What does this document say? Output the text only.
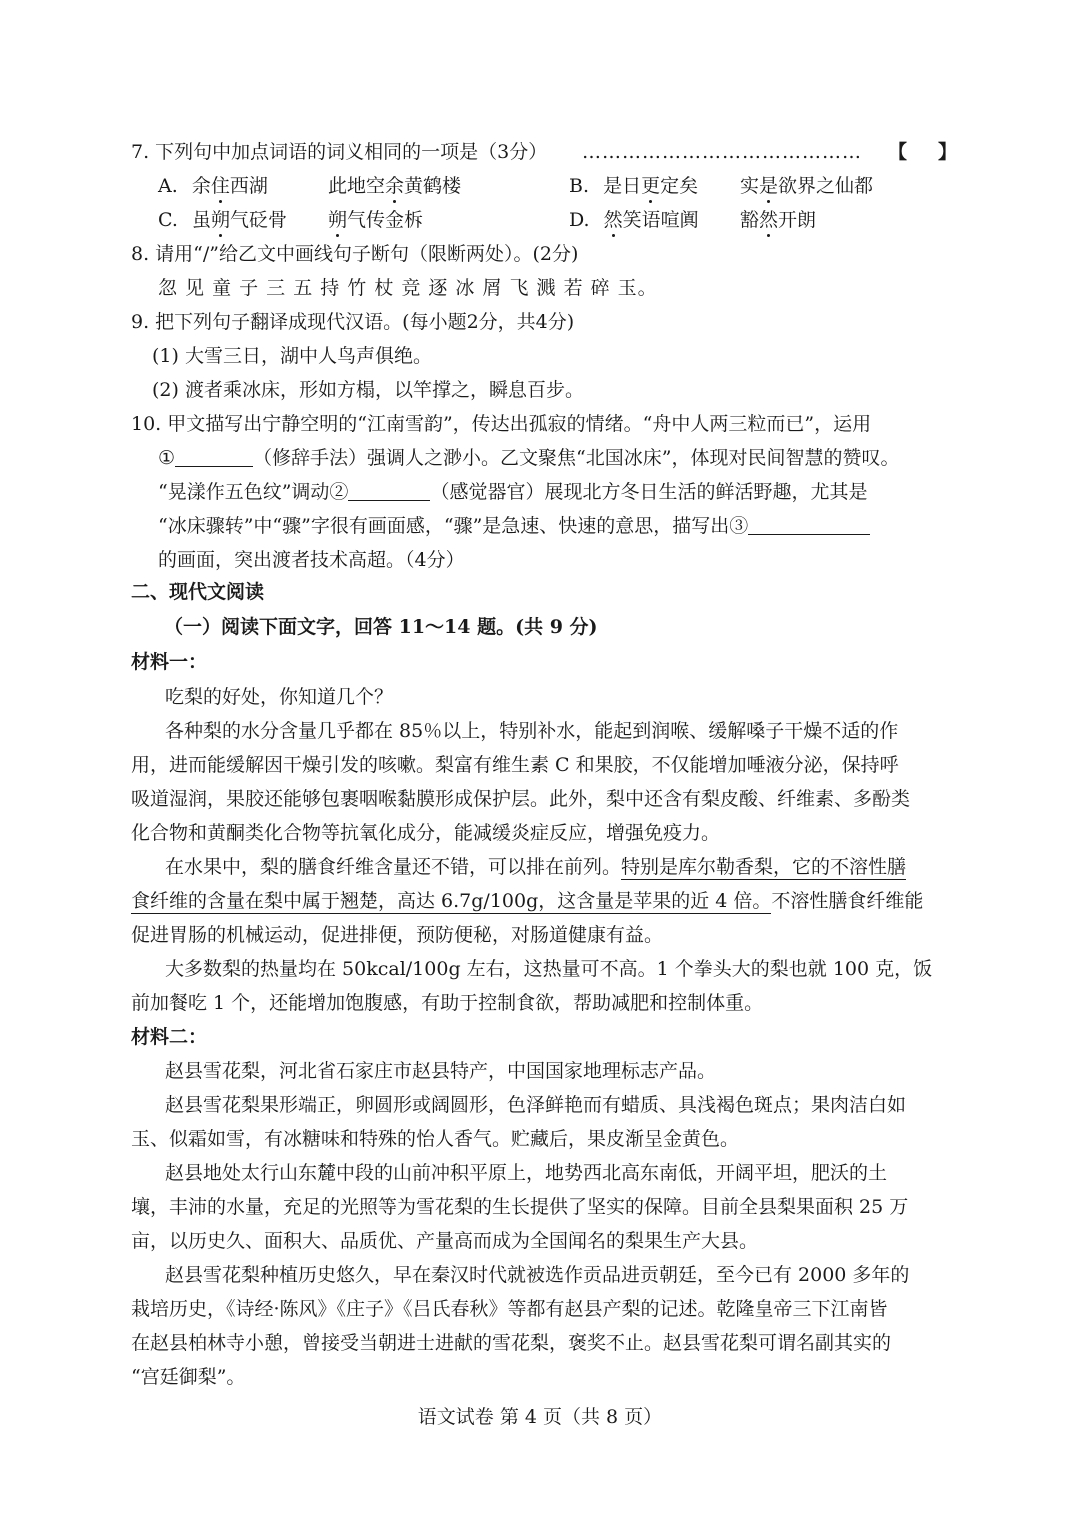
7. 下列句中加点词语的词义相同的一项是（3分） …………………………………… 【 】
A. 余住西湖	此地空余黄鹤楼	B. 是日更定矣 实是欲界之仙都
C. 虽朔气砭骨 朔气传金柝	D. 然笑语喧阗 豁然开朗
8. 请用“/”给乙文中画线句子断句（限断两处）。(2分)
忽 见 童 子 三 五 持 竹 杖 竞 逐 冰 屑 飞 溅 若 碎 玉。
9. 把下列句子翻译成现代汉语。(每小题2分，共4分)
(1) 大雪三日，湖中人鸟声俱绝。
(2) 渡者乘冰床，形如方榻，以竿撑之，瞬息百步。
10. 甲文描写出宁静空明的“江南雪韵”，传达出孤寂的情绪。“舟中人两三粒而已”，运用
①	（修辞手法）强调人之渺小。乙文聚焦“北国冰床”，体现对民间智慧的赞叹。
“晃漾作五色纹”调动②	（感觉器官）展现北方冬日生活的鲜活野趣，尤其是
“冰床骤转”中“骤”字很有画面感，“骤”是急速、快速的意思，描写出③
的画面，突出渡者技术高超。（4分）
二、现代文阅读
（一）阅读下面文字，回答 11～14 题。(共 9 分)
材料一：
吃梨的好处，你知道几个？
各种梨的水分含量几乎都在 85％以上，特别补水，能起到润喉、缓解嗓子干燥不适的作
用，进而能缓解因干燥引发的咳嗽。梨富有维生素 C 和果胶，不仅能增加唾液分泌，保持呼
吸道湿润，果胶还能够包裹咽喉黏膜形成保护层。此外，梨中还含有梨皮酸、纤维素、多酚类
化合物和黄酮类化合物等抗氧化成分，能减缓炎症反应，增强免疫力。
在水果中，梨的膳食纤维含量还不错，可以排在前列。特别是库尔勒香梨，它的不溶性膳
食纤维的含量在梨中属于翘楚，高达 6.7g/100g，这含量是苹果的近 4 倍。不溶性膳食纤维能
促进胃肠的机械运动，促进排便，预防便秘，对肠道健康有益。
大多数梨的热量均在 50kcal/100g 左右，这热量可不高。1 个拳头大的梨也就 100 克，饭
前加餐吃 1 个，还能增加饱腹感，有助于控制食欲，帮助减肥和控制体重。
材料二：
赵县雪花梨，河北省石家庄市赵县特产，中国国家地理标志产品。
赵县雪花梨果形端正，卵圆形或阔圆形，色泽鲜艳而有蜡质、具浅褐色斑点；果肉洁白如
玉、似霜如雪，有冰糖味和特殊的怡人香气。贮藏后，果皮渐呈金黄色。
赵县地处太行山东麓中段的山前冲积平原上，地势西北高东南低，开阔平坦，肥沃的土
壤，丰沛的水量，充足的光照等为雪花梨的生长提供了坚实的保障。目前全县梨果面积 25 万
亩，以历史久、面积大、品质优、产量高而成为全国闻名的梨果生产大县。
赵县雪花梨种植历史悠久，早在秦汉时代就被选作贡品进贡朝廷，至今已有 2000 多年的
栽培历史，《诗经·陈风》《庄子》《吕氏春秋》等都有赵县产梨的记述。乾隆皇帝三下江南皆
在赵县柏林寺小憩，曾接受当朝进士进献的雪花梨，褒奖不止。赵县雪花梨可谓名副其实的
“宫廷御梨”。
语文试卷 第 4 页（共 8 页）
